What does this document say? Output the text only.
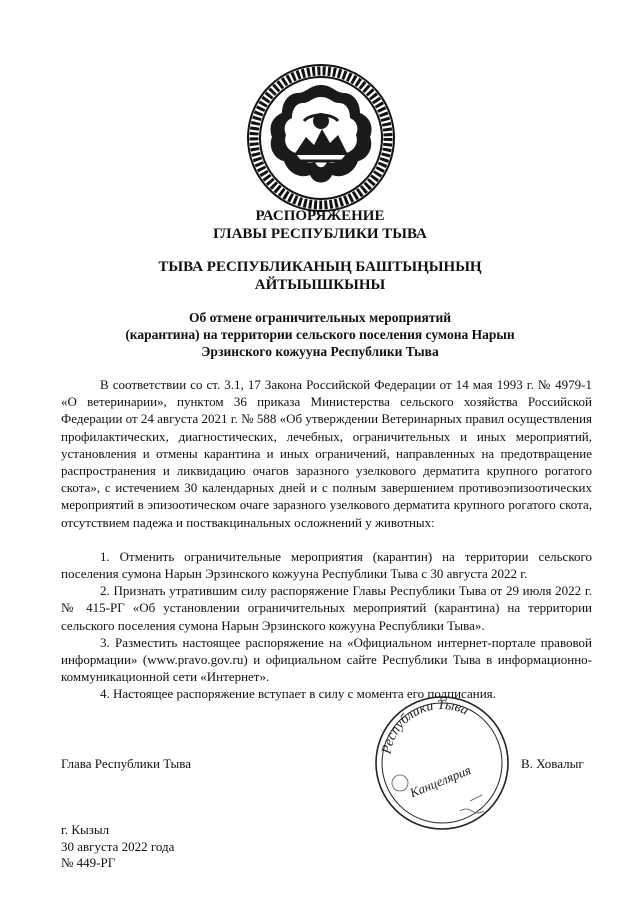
РАСПОРЯЖЕНИЕ
ГЛАВЫ РЕСПУБЛИКИ ТЫВА
ТЫВА РЕСПУБЛИКАНЫҢ БАШТЫҢЫНЫҢ
АЙТЫЫШКЫНЫ
Об отмене ограничительных мероприятий
(карантина) на территории сельского поселения сумона Нарын
Эрзинского кожууна Республики Тыва

В соответствии со ст. 3.1, 17 Закона Российской Федерации от 14 мая 1993 г. № 4979-1 «О ветеринарии», пунктом 36 приказа Министерства сельского хозяйства Российской Федерации от 24 августа 2021 г. № 588 «Об утверждении Ветеринарных правил осуществления профилактических, диагностических, лечебных, ограничительных и иных мероприятий, установления и отмены карантина и иных ограничений, направленных на предотвращение распространения и ликвидацию очагов заразного узелкового дерматита крупного рогатого скота», с истечением 30 календарных дней и с полным завершением противоэпизоотических мероприятий в эпизоотическом очаге заразного узелкового дерматита крупного рогатого скота, отсутствием падежа и поствакцинальных осложнений у животных:

1. Отменить ограничительные мероприятия (карантин) на территории сельского поселения сумона Нарын Эрзинского кожууна Республики Тыва с 30 августа 2022 г.

2. Признать утратившим силу распоряжение Главы Республики Тыва от 29 июля 2022 г. № 415-РГ «Об установлении ограничительных мероприятий (карантина) на территории сельского поселения сумона Нарын Эрзинского кожууна Республики Тыва».

3. Разместить настоящее распоряжение на «Официальном интернет-портале правовой информации» (www.pravo.gov.ru) и официальном сайте Республики Тыва в информационно-коммуникационной сети «Интернет».

4. Настоящее распоряжение вступает в силу с момента его подписания.

Глава Республики Тыва	В. Ховалыг
Республики Тыва
Канцелярия
г. Кызыл
30 августа 2022 года
№ 449-РГ
